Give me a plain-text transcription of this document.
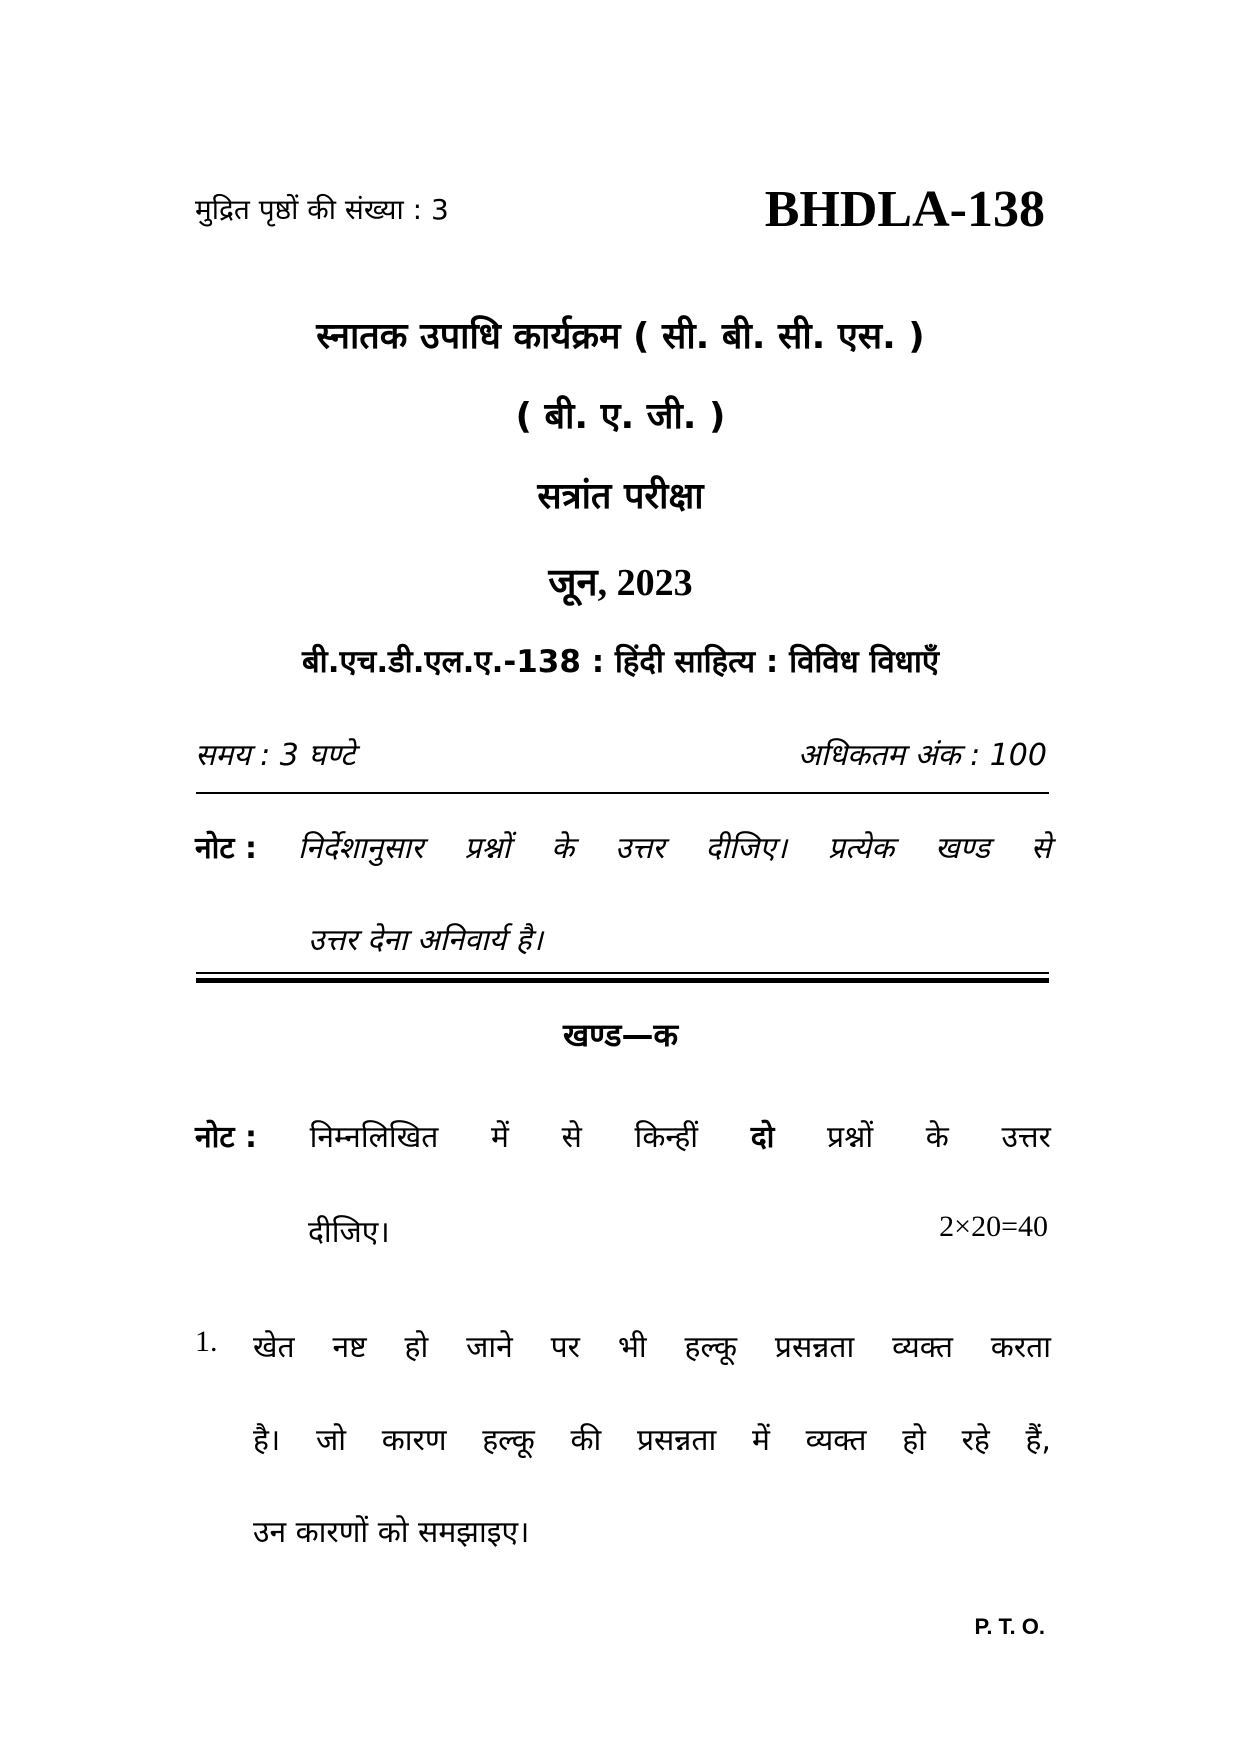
मुद्रित पृष्ठों की संख्या : 3	BHDLA-138
स्नातक उपाधि कार्यक्रम ( सी. बी. सी. एस. )
( बी. ए. जी. )
सत्रांत परीक्षा
जून, 2023
बी.एच.डी.एल.ए.-138 : हिंदी साहित्य : विविध विधाएँ
समय : 3 घण्टे	अधिकतम अंक : 100
नोट : निर्देशानुसार प्रश्नों के उत्तर दीजिए। प्रत्येक खण्ड से
उत्तर देना अनिवार्य है।
खण्ड—क
नोट : निम्नलिखित में से किन्हीं दो प्रश्नों के उत्तर
दीजिए।	2×20=40
1. खेत नष्ट हो जाने पर भी हल्कू प्रसन्नता व्यक्त करता
है। जो कारण हल्कू की प्रसन्नता में व्यक्त हो रहे हैं,
उन कारणों को समझाइए।
P. T. O.
